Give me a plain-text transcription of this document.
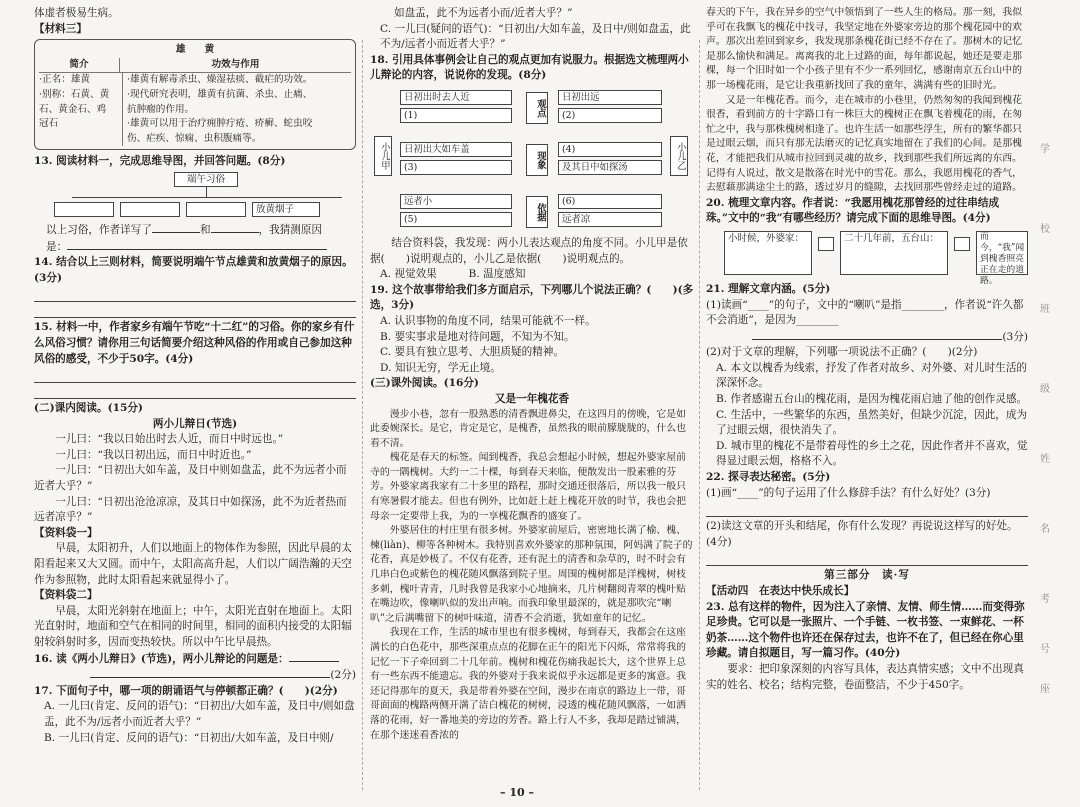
体虚者极易生病。

【材料三】

雄　　黄
简介	功效与作用
·正名：雄黄
·别称：石黄、黄
石、黄金石、鸡
冠石
·雄黄有解毒杀虫、燥湿祛痰、截疟的功效。
·现代研究表明，雄黄有抗菌、杀虫、止痛、
抗肿瘤的作用。
·雄黄可以用于治疗痈肿疔疮、疥癣、蛇虫咬
伤、疟疾、惊痫、虫积腹痛等。

13. 阅读材料一，完成思维导图，并回答问题。(8分)

端午习俗
放黄烟子

以上习俗，作者详写了	和	，我猜测原因

是：

14. 结合以上三则材料，简要说明端午节点雄黄和放黄烟子的原因。(3分)

15. 材料一中，作者家乡有端午节吃“十二红”的习俗。你的家乡有什么风俗习惯？请你用三句话简要介绍这种风俗的作用或自己参加这种风俗的感受，不少于50字。(4分)

(二)课内阅读。(15分)

两小儿辩日(节选)

一儿曰：“我以日始出时去人近，而日中时远也。”

一儿曰：“我以日初出远，而日中时近也。”

一儿曰：“日初出大如车盖，及日中则如盘盂，此不为远者小而近者大乎？”

一儿曰：“日初出沧沧凉凉，及其日中如探汤，此不为近者热而远者凉乎？”

【资料袋一】

早晨，太阳初升，人们以地面上的物体作为参照，因此早晨的太阳看起来又大又圆。而中午，太阳高高升起，人们以广阔浩瀚的天空作为参照物，此时太阳看起来就显得小了。

【资料袋二】

早晨，太阳光斜射在地面上；中午，太阳光直射在地面上。太阳光直射时，地面和空气在相同的时间里，相同的面积内接受的太阳辐射较斜射时多，因而变热较快。所以中午比早晨热。

16. 读《两小儿辩日》(节选)，两小儿辩论的问题是：

(2分)

17. 下面句子中，哪一项的朗诵语气与停顿都正确？(　　)(2分)

A. 一儿曰(肯定、反问的语气)：“日初出/大如车盖，及日中/则如盘盂，此不为/远者小而近者大乎？”

B. 一儿曰(肯定、反问的语气)：“日初出/大如车盖，及日中则/

如盘盂，此不为远者小而/近者大乎？”

C. 一儿曰(疑问的语气)：“日初出/大如车盖，及日中/则如盘盂，此不为/远者小而近者大乎？”

18. 引用具体事例会让自己的观点更加有说服力。根据选文梳理两小儿辩论的内容，说说你的发现。(8分)

日初出时去人近
(1)	观点
日初出远
(2)
小儿甲	小儿乙
日初出大如车盖
(3)	现象
(4)
及其日中如探汤
远者小
(5)	依据
(6)
远者凉

结合资料袋，我发现：两小儿表达观点的角度不同。小儿甲是依据(　　)说明观点的，小儿乙是依据(　　)说明观点的。

A. 视觉效果　　　	B. 温度感知

19. 这个故事带给我们多方面启示，下列哪儿个说法正确？(　　)(多选，3分)

A. 认识事物的角度不同，结果可能就不一样。

B. 要实事求是地对待问题，不知为不知。

C. 要具有独立思考、大胆质疑的精神。

D. 知识无穷，学无止境。

(三)课外阅读。(16分)

又是一年槐花香

漫步小巷，忽有一股熟悉的清香飘进鼻尖，在这四月的傍晚，它是如此委婉深长。是它，肯定是它，是槐香，虽然我的眼前朦胧胧的，什么也看不清。

槐花是春天的标签。闻到槐香，我总会想起小时候，想起外婆家屋前寺的一隅槐树。大约一二十棵，每到春天来临，便散发出一股素雅的芬芳。外婆家离我家有二十多里的路程，那时交通还很落后，所以我一般只有寒暑假才能去。但也有例外，比如赶上赶上槐花开放的时节，我也会把母亲一定要带上我，为的一享槐花飘香的盛宴了。

外婆居住的村庄里有很多树。外婆家前屋后，密密地长满了榆、槐、楝(liàn)、柳等各种树木。我特别喜欢外婆家的那种氛围，阿妈满了院子的花香，真是妙极了。不仅有花香，还有泥土的清香和杂草的，时不时会有几串白色或紫色的槐花随风飘落到院子里。周围的槐树都是洋槐树，树枝多刺，槐叶青青，几时我曾是我家小心地摘来，几片树翻阅青翠的槐叶贴在嘴边吹，像喇叭似的发出声响。而我印象里最深的，就是那吹完“喇叭”之后满嘴留下的树叶味道，清香不会消逝，犹如童年的记忆。

我现在工作，生活的城市里也有很多槐树，每到春天，我都会在这座满长的白色花中，那些深重点点的花脚在正午的阳光下闪烁，常常将我的记忆一下子牵回到二十几年前。槐树和槐花伤痛我起长大，这个世界上总有一些东西不能遗忘。我的外婆对于我来说似乎永远都是更多的寓意。我还记得那年的夏天，我是带着外婆在空间，漫步在南京的路边上一带，哥哥面面的槐路两侧开满了洁白槐花的树树，浸透的槐花随风飘落，一如洒落的花雨，好一番地美的旁边的芳香。路上行人不多，我却是踏过铺满，在那个迷迷看香浓的

春天的下午，我在异乡的空气中领悟到了一些人生的格局。那一刻，我似乎可在我飘飞的槐花中找寻，我坚定地在外婆家旁边的那个槐花园中的欢声。那次出差回到家乡，我发现那条槐花街已经不存在了。那树木的记忆是那么愉快和满足。离离我的北上过路的面，每年都说起，她还是要走那棵，每一个旧时如一个小孩子里有不少一系列回忆，感谢南京五台山中的那一场槐花雨，是它让我重新找回了我的童年，满满有些的旧时光。

又是一年槐花香。而今，走在城市的小巷里，仍然匆匆的我闻到槐花很香，看到前方的十字路口有一株巨大的槐树正在飘飞着槐花的雨，在匆忙之中，我与那株槐树相逢了。也许生活一如那些浮生，所有的繁华都只是过眼云烟，而只有那无法磨灭的记忆真实地留在了我们的心间。是那槐花，才能把我们从城市拉回到灵魂的故乡，找到那些我们所远离的东西。记得有人说过，散文是散落在时光中的雪花。那么，我愿用槐花的香气，去慰藉那满途尘土的路，透过岁月的缝隙，去找回那些曾经走过的道路。

20. 梳理文章内容。作者说：“我愿用槐花那曾经的过往串结成珠。”文中的“我”有哪些经历？请完成下面的思维导图。(4分)

小时候，外婆家：	二十几年前，五台山：	而今，“我”闻到槐香照亮正在走的道路。

21. 理解文章内涵。(5分)

(1)读画“____”的句子，文中的“喇叭”是指________，作者说“许久都不会消逝”，是因为________

(3分)

(2)对于文章的理解，下列哪一项说法不正确？(　　)(2分)

A. 本文以槐香为线索，抒发了作者对故乡、对外婆、对儿时生活的深深怀念。

B. 作者感谢五台山的槐花雨，是因为槐花雨启迪了他的创作灵感。

C. 生活中，一些繁华的东西，虽然美好，但缺少沉淀，因此，成为了过眼云烟，很快消失了。

D. 城市里的槐花不是带着母性的乡土之花，因此作者并不喜欢，觉得显过眼云烟，格格不入。

22. 探寻表达秘密。(5分)

(1)画“____”的句子运用了什么修辞手法？有什么好处？(3分)

(2)读这文章的开头和结尾，你有什么发现？再说说这样写的好处。(4分)

第三部分　读·写

【活动四　在表达中快乐成长】

23. 总有这样的物件，因为注入了亲情、友情、师生情……而变得弥足珍贵。它可以是一张照片、一个手链、一枚书签、一束鲜花、一杯奶茶……这个物件也许还在保存过去，也许不在了，但已经在你心里珍藏。请自拟题目，写一篇习作。(40分)

要求：把印象深刻的内容写具体，表达真情实感；文中不出现真实的姓名、校名；结构完整，卷面整洁，不少于450字。

学
校
班
级
姓
名
考
号
座
– 10 –
